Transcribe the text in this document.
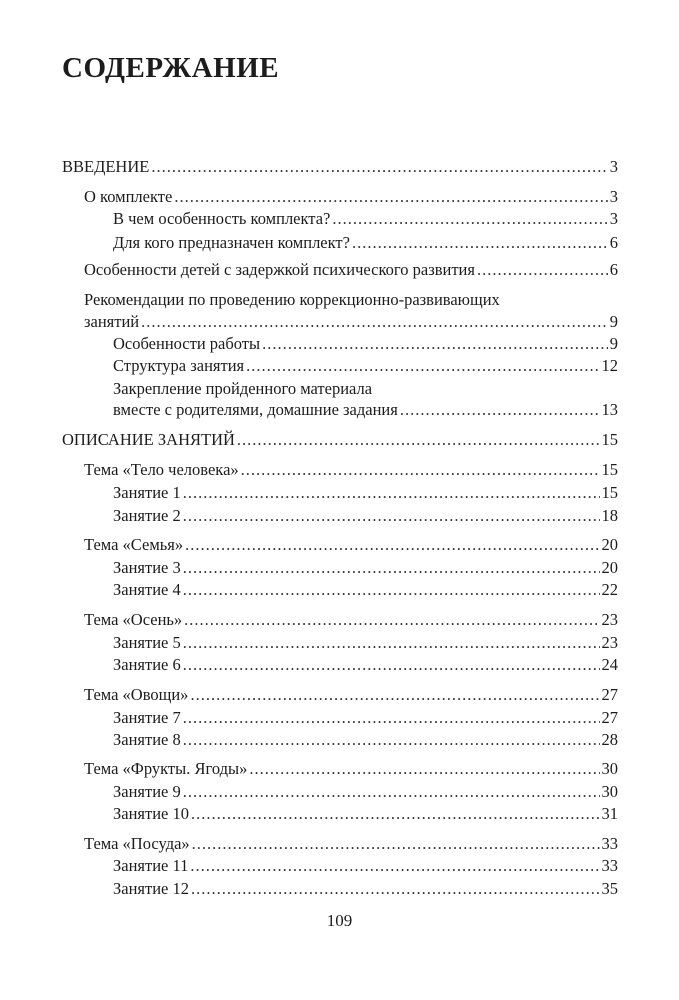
СОДЕРЖАНИЕ
ВВЕДЕНИЕ .....	3
О комплекте .....	3
В чем особенность комплекта? .....	3
Для кого предназначен комплект? .....	6
Особенности детей с задержкой психического развития .....	6
Рекомендации по проведению коррекционно-развивающих
занятий .....	9
Особенности работы .....	9
Структура занятия .....	12
Закрепление пройденного материала
вместе с родителями, домашние задания .....	13
ОПИСАНИЕ ЗАНЯТИЙ .....	15
Тема «Тело человека» .....	15
Занятие 1 .....	15
Занятие 2 .....	18
Тема «Семья» .....	20
Занятие 3 .....	20
Занятие 4 .....	22
Тема «Осень» .....	23
Занятие 5 .....	23
Занятие 6 .....	24
Тема «Овощи» .....	27
Занятие 7 .....	27
Занятие 8 .....	28
Тема «Фрукты. Ягоды» .....	30
Занятие 9 .....	30
Занятие 10 .....	31
Тема «Посуда» .....	33
Занятие 11 .....	33
Занятие 12 .....	35
109
